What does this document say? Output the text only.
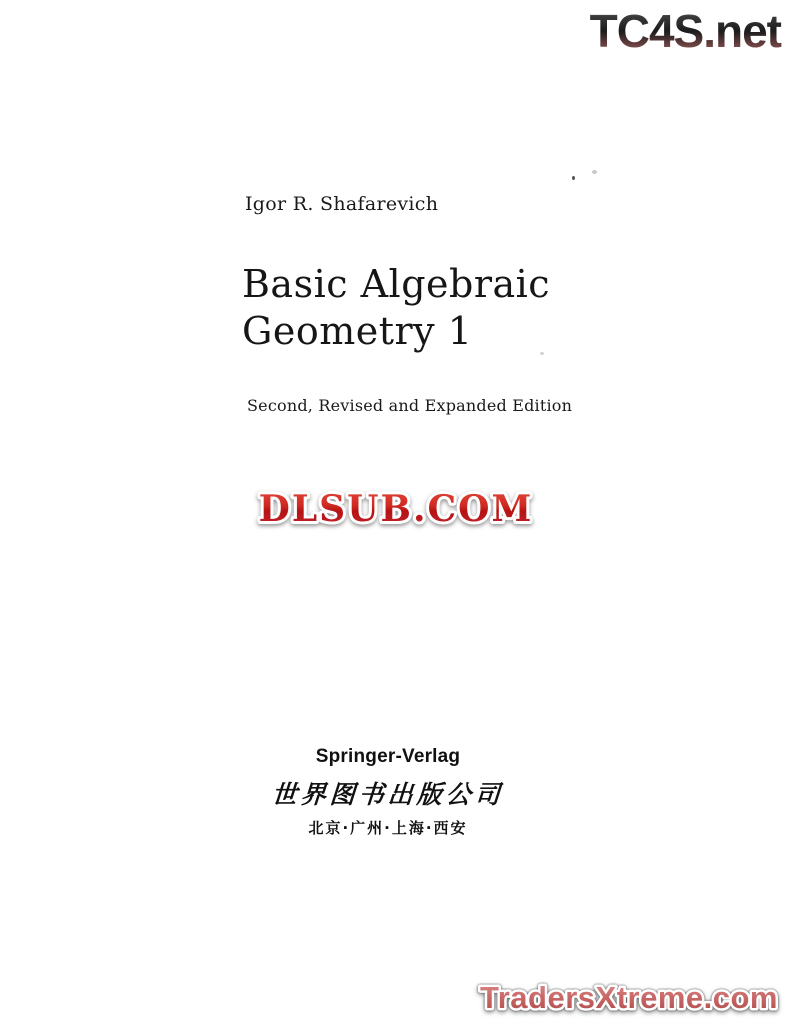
TC4S.net
Igor R. Shafarevich
Basic Algebraic
Geometry 1
Second, Revised and Expanded Edition
DLSUB.COM
Springer-Verlag
世界图书出版公司
北京·广州·上海·西安
TradersXtreme.com
